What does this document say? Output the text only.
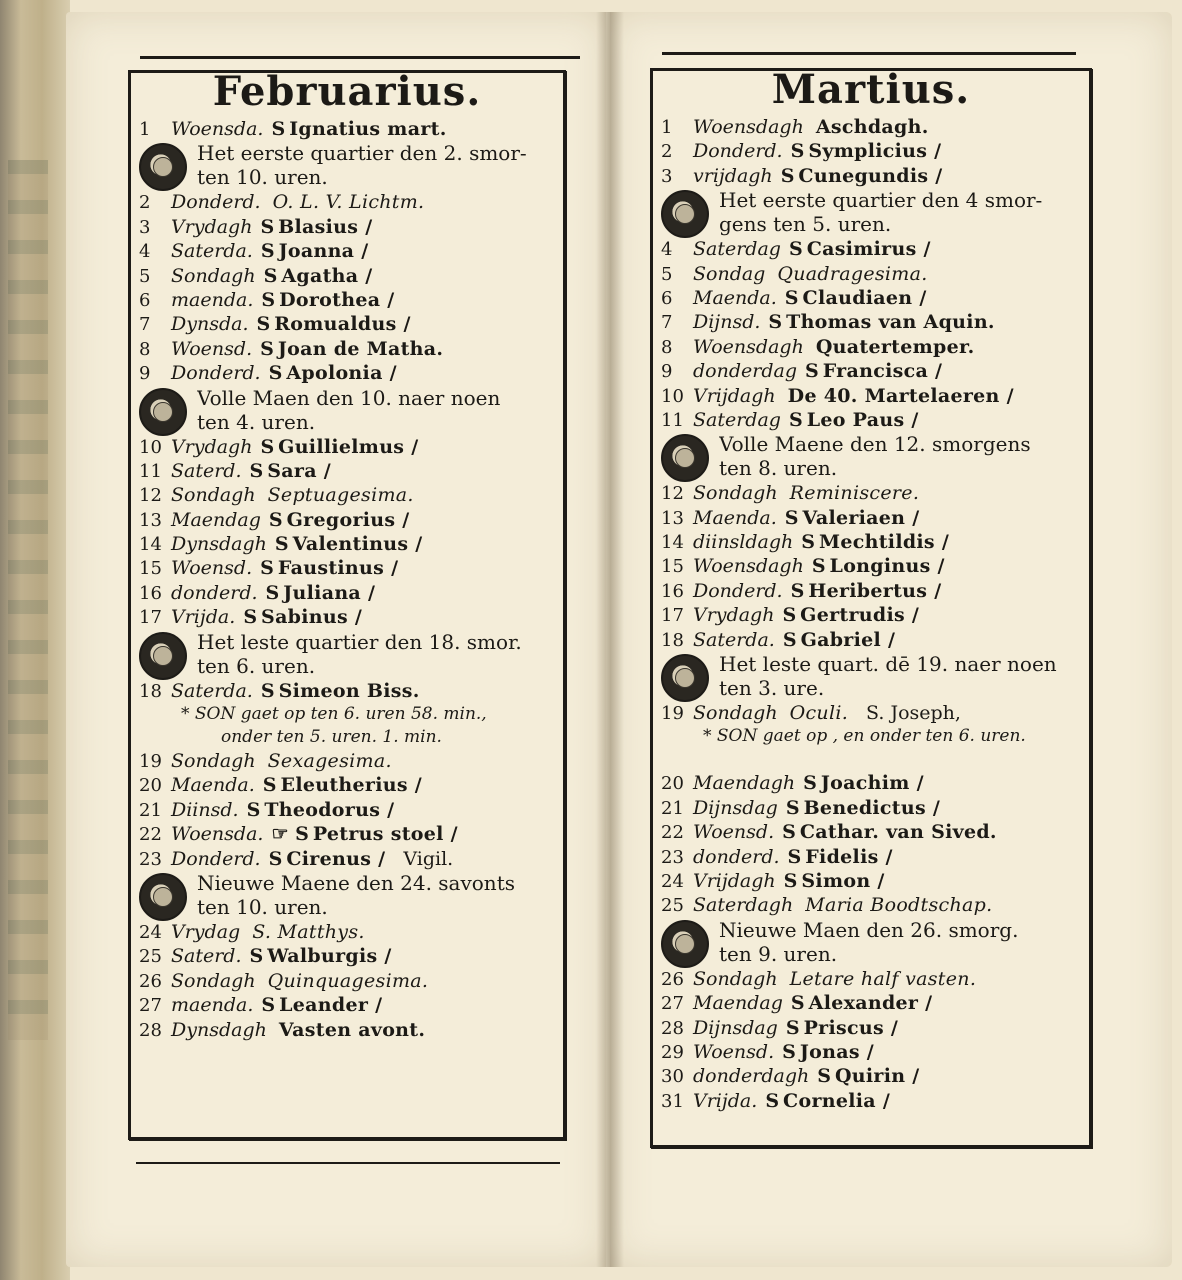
Februarius.
1 Woensda. S Ignatius mart.
Het eerste quartier den 2. smor-
ten 10. uren.
2 Donderd. O. L. V. Lichtm.
3 Vrydagh S Blasius /
4 Saterda. S Joanna /
5 Sondagh S Agatha /
6 maenda. S Dorothea /
7 Dynsda. S Romualdus /
8 Woensd. S Joan de Matha.
9 Donderd. S Apolonia /
Volle Maen den 10. naer noen
ten 4. uren.
10 Vrydagh S Guillielmus /
11 Saterd. S Sara /
12 Sondagh Septuagesima.
13 Maendag S Gregorius /
14 Dynsdagh S Valentinus /
15 Woensd. S Faustinus /
16 donderd. S Juliana /
17 Vrijda. S Sabinus /
Het leste quartier den 18. smor.
ten 6. uren.
18 Saterda. S Simeon Biss.
* SON gaet op ten 6. uren 58. min.,
onder ten 5. uren. 1. min.
19 Sondagh Sexagesima.
20 Maenda. S Eleutherius /
21 Diinsd. S Theodorus /
22 Woensda. ☞ S Petrus stoel /
23 Donderd. S Cirenus / Vigil.
Nieuwe Maene den 24. savonts
ten 10. uren.
24 Vrydag S. Matthys.
25 Saterd. S Walburgis /
26 Sondagh Quinquagesima.
27 maenda. S Leander /
28 Dynsdagh Vasten avont.
Martius.
1 Woensdagh Aschdagh.
2 Donderd. S Symplicius /
3 vrijdagh S Cunegundis /
Het eerste quartier den 4 smor-
gens ten 5. uren.
4 Saterdag S Casimirus /
5 Sondag Quadragesima.
6 Maenda. S Claudiaen /
7 Dijnsd. S Thomas van Aquin.
8 Woensdagh Quatertemper.
9 donderdag S Francisca /
10 Vrijdagh De 40. Martelaeren /
11 Saterdag S Leo Paus /
Volle Maene den 12. smorgens
ten 8. uren.
12 Sondagh Reminiscere.
13 Maenda. S Valeriaen /
14 diinsldagh S Mechtildis /
15 Woensdagh S Longinus /
16 Donderd. S Heribertus /
17 Vrydagh S Gertrudis /
18 Saterda. S Gabriel /
Het leste quart. dē 19. naer noen
ten 3. ure.
19 Sondagh Oculi. S. Joseph,
* SON gaet op , en onder ten 6. uren.
20 Maendagh S Joachim /
21 Dijnsdag S Benedictus /
22 Woensd. S Cathar. van Sived.
23 donderd. S Fidelis /
24 Vrijdagh S Simon /
25 Saterdagh Maria Boodtschap.
Nieuwe Maen den 26. smorg.
ten 9. uren.
26 Sondagh Letare half vasten.
27 Maendag S Alexander /
28 Dijnsdag S Priscus /
29 Woensd. S Jonas /
30 donderdagh S Quirin /
31 Vrijda. S Cornelia /
